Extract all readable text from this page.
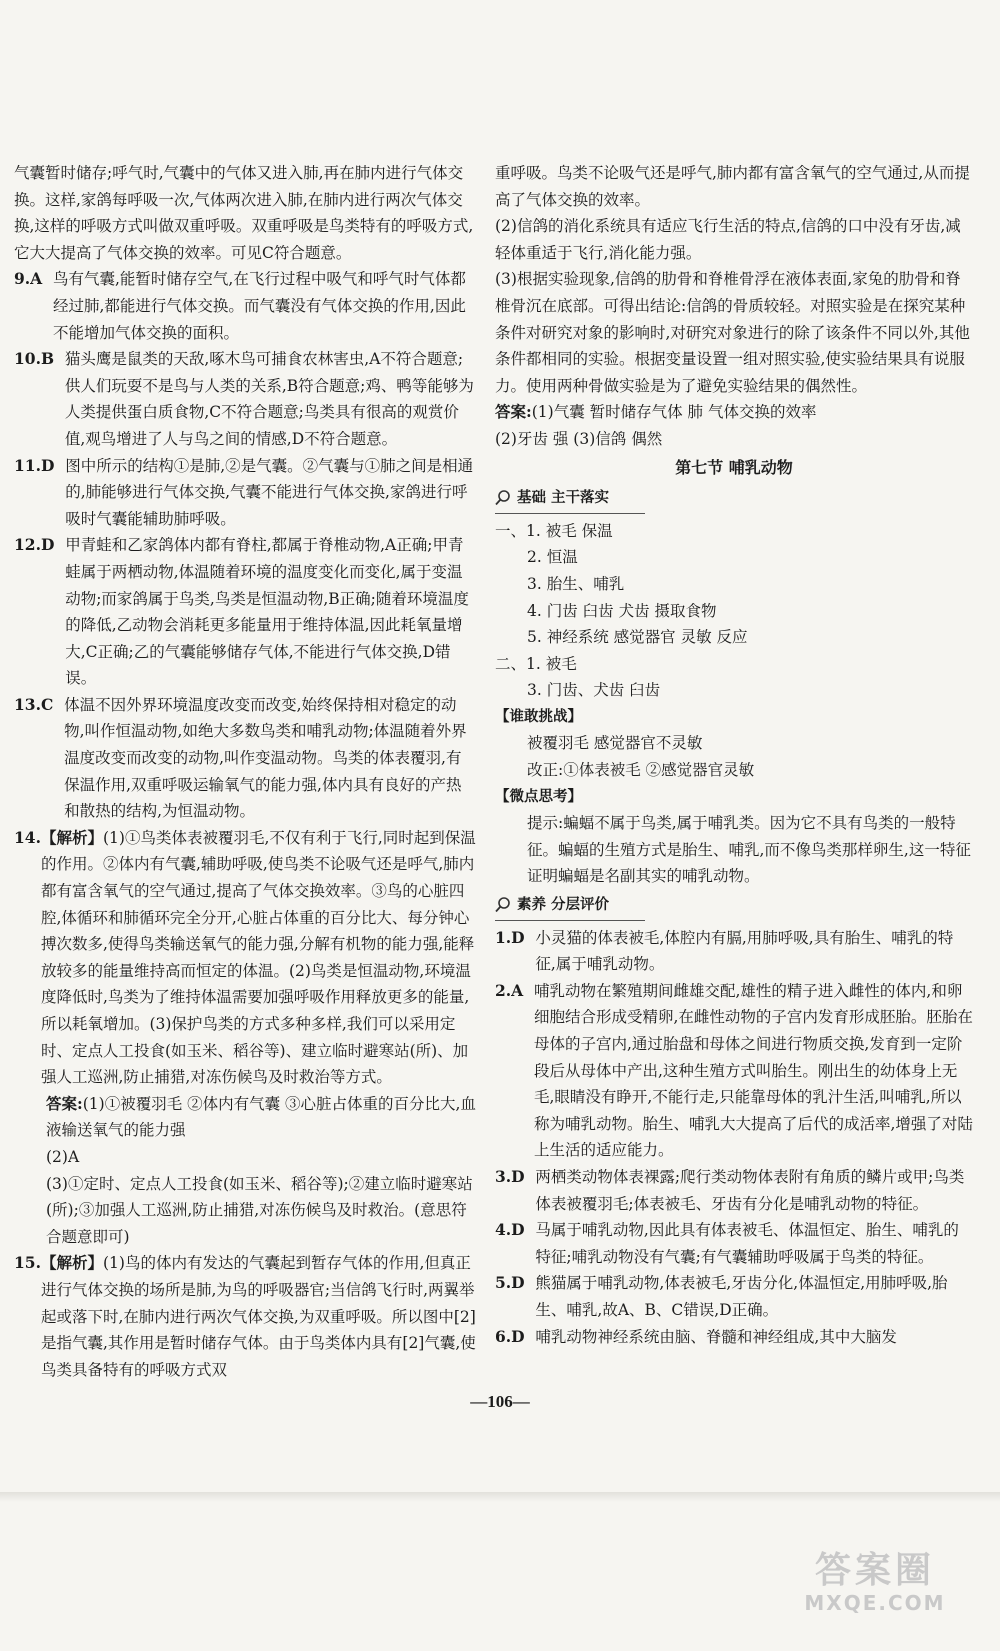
气囊暂时储存;呼气时,气囊中的气体又进入肺,再在肺内进行气体交换。这样,家鸽每呼吸一次,气体两次进入肺,在肺内进行两次气体交换,这样的呼吸方式叫做双重呼吸。双重呼吸是鸟类特有的呼吸方式,它大大提高了气体交换的效率。可见C符合题意。

9.A 鸟有气囊,能暂时储存空气,在飞行过程中吸气和呼气时气体都经过肺,都能进行气体交换。而气囊没有气体交换的作用,因此不能增加气体交换的面积。
10.B 猫头鹰是鼠类的天敌,啄木鸟可捕食农林害虫,A不符合题意;供人们玩耍不是鸟与人类的关系,B符合题意;鸡、鸭等能够为人类提供蛋白质食物,C不符合题意;鸟类具有很高的观赏价值,观鸟增进了人与鸟之间的情感,D不符合题意。
11.D 图中所示的结构①是肺,②是气囊。②气囊与①肺之间是相通的,肺能够进行气体交换,气囊不能进行气体交换,家鸽进行呼吸时气囊能辅助肺呼吸。
12.D 甲青蛙和乙家鸽体内都有脊柱,都属于脊椎动物,A正确;甲青蛙属于两栖动物,体温随着环境的温度变化而变化,属于变温动物;而家鸽属于鸟类,鸟类是恒温动物,B正确;随着环境温度的降低,乙动物会消耗更多能量用于维持体温,因此耗氧量增大,C正确;乙的气囊能够储存气体,不能进行气体交换,D错误。
13.C 体温不因外界环境温度改变而改变,始终保持相对稳定的动物,叫作恒温动物,如绝大多数鸟类和哺乳动物;体温随着外界温度改变而改变的动物,叫作变温动物。鸟类的体表覆羽,有保温作用,双重呼吸运输氧气的能力强,体内具有良好的产热和散热的结构,为恒温动物。
14. 【解析】(1)①鸟类体表被覆羽毛,不仅有利于飞行,同时起到保温的作用。②体内有气囊,辅助呼吸,使鸟类不论吸气还是呼气,肺内都有富含氧气的空气通过,提高了气体交换效率。③鸟的心脏四腔,体循环和肺循环完全分开,心脏占体重的百分比大、每分钟心搏次数多,使得鸟类输送氧气的能力强,分解有机物的能力强,能释放较多的能量维持高而恒定的体温。(2)鸟类是恒温动物,环境温度降低时,鸟类为了维持体温需要加强呼吸作用释放更多的能量,所以耗氧增加。(3)保护鸟类的方式多种多样,我们可以采用定时、定点人工投食(如玉米、稻谷等)、建立临时避寒站(所)、加强人工巡洲,防止捕猎,对冻伤候鸟及时救治等方式。

答案:(1)①被覆羽毛 ②体内有气囊 ③心脏占体重的百分比大,血液输送氧气的能力强

(2)A

(3)①定时、定点人工投食(如玉米、稻谷等);②建立临时避寒站(所);③加强人工巡洲,防止捕猎,对冻伤候鸟及时救治。(意思符合题意即可)

15. 【解析】(1)鸟的体内有发达的气囊起到暂存气体的作用,但真正进行气体交换的场所是肺,为鸟的呼吸器官;当信鸽飞行时,两翼举起或落下时,在肺内进行两次气体交换,为双重呼吸。所以图中[2]是指气囊,其作用是暂时储存气体。由于鸟类体内具有[2]气囊,使鸟类具备特有的呼吸方式双

重呼吸。鸟类不论吸气还是呼气,肺内都有富含氧气的空气通过,从而提高了气体交换的效率。

(2)信鸽的消化系统具有适应飞行生活的特点,信鸽的口中没有牙齿,减轻体重适于飞行,消化能力强。

(3)根据实验现象,信鸽的肋骨和脊椎骨浮在液体表面,家兔的肋骨和脊椎骨沉在底部。可得出结论:信鸽的骨质较轻。对照实验是在探究某种条件对研究对象的影响时,对研究对象进行的除了该条件不同以外,其他条件都相同的实验。根据变量设置一组对照实验,使实验结果具有说服力。使用两种骨做实验是为了避免实验结果的偶然性。

答案:(1)气囊 暂时储存气体 肺 气体交换的效率

(2)牙齿 强 (3)信鸽 偶然

第七节 哺乳动物
基础 主干落实

一、1. 被毛 保温

2. 恒温

3. 胎生、哺乳

4. 门齿 臼齿 犬齿 摄取食物

5. 神经系统 感觉器官 灵敏 反应

二、1. 被毛

3. 门齿、犬齿 臼齿

【谁敢挑战】

被覆羽毛 感觉器官不灵敏

改正:①体表被毛 ②感觉器官灵敏

【微点思考】

提示:蝙蝠不属于鸟类,属于哺乳类。因为它不具有鸟类的一般特征。蝙蝠的生殖方式是胎生、哺乳,而不像鸟类那样卵生,这一特征证明蝙蝠是名副其实的哺乳动物。

素养 分层评价
1.D 小灵猫的体表被毛,体腔内有膈,用肺呼吸,具有胎生、哺乳的特征,属于哺乳动物。
2.A 哺乳动物在繁殖期间雌雄交配,雄性的精子进入雌性的体内,和卵细胞结合形成受精卵,在雌性动物的子宫内发育形成胚胎。胚胎在母体的子宫内,通过胎盘和母体之间进行物质交换,发育到一定阶段后从母体中产出,这种生殖方式叫胎生。刚出生的幼体身上无毛,眼睛没有睁开,不能行走,只能靠母体的乳汁生活,叫哺乳,所以称为哺乳动物。胎生、哺乳大大提高了后代的成活率,增强了对陆上生活的适应能力。
3.D 两栖类动物体表裸露;爬行类动物体表附有角质的鳞片或甲;鸟类体表被覆羽毛;体表被毛、牙齿有分化是哺乳动物的特征。
4.D 马属于哺乳动物,因此具有体表被毛、体温恒定、胎生、哺乳的特征;哺乳动物没有气囊;有气囊辅助呼吸属于鸟类的特征。
5.D 熊猫属于哺乳动物,体表被毛,牙齿分化,体温恒定,用肺呼吸,胎生、哺乳,故A、B、C错误,D正确。
6.D 哺乳动物神经系统由脑、脊髓和神经组成,其中大脑发
—106—
答案圈
MXQE.COM
